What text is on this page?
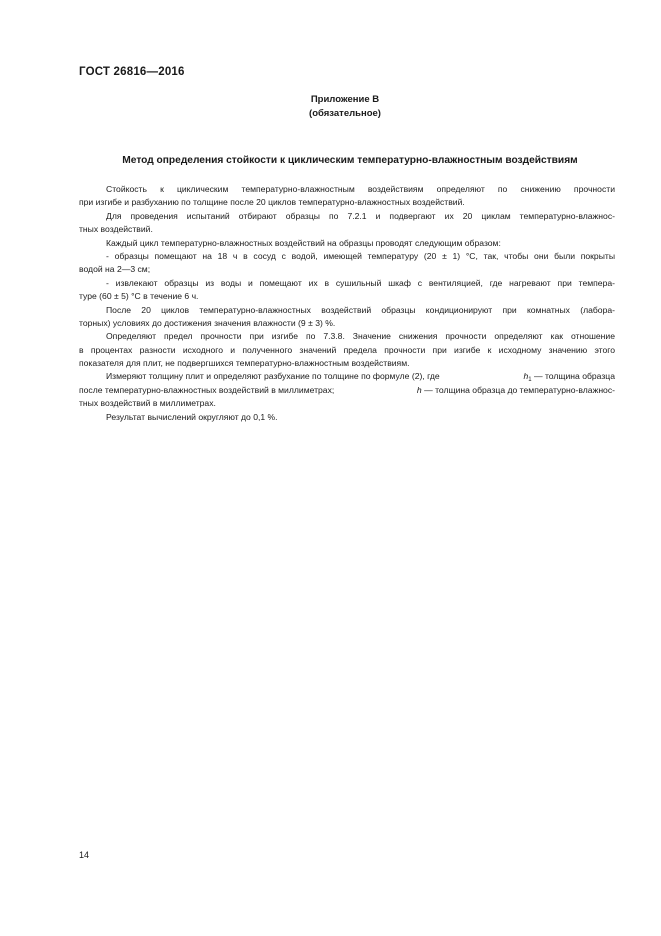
ГОСТ 26816—2016
Приложение В
(обязательное)
Метод определения стойкости к циклическим температурно-влажностным воздействиям
Стойкость к циклическим температурно-влажностным воздействиям определяют по снижению прочности
при изгибе и разбуханию по толщине после 20 циклов температурно-влажностных воздействий.
Для проведения испытаний отбирают образцы по 7.2.1 и подвергают их 20 циклам температурно-влажнос-
тных воздействий.
Каждый цикл температурно-влажностных воздействий на образцы проводят следующим образом:
- образцы помещают на 18 ч в сосуд с водой, имеющей температуру (20 ± 1) °С, так, чтобы они были покрыты
водой на 2—3 см;
- извлекают образцы из воды и помещают их в сушильный шкаф с вентиляцией, где нагревают при темпера-
туре (60 ± 5) °С в течение 6 ч.
После 20 циклов температурно-влажностных воздействий образцы кондиционируют при комнатных (лабора-
торных) условиях до достижения значения влажности (9 ± 3) %.
Определяют предел прочности при изгибе по 7.3.8. Значение снижения прочности определяют как отношение
в процентах разности исходного и полученного значений предела прочности при изгибе к исходному значению этого
показателя для плит, не подвергшихся температурно-влажностным воздействиям.
Измеряют толщину плит и определяют разбухание по толщине по формуле (2), где	$h_1$ — толщина образца
после температурно-влажностных воздействий в миллиметрах;	h — толщина образца до температурно-влажнос-
тных воздействий в миллиметрах.
Результат вычислений округляют до 0,1 %.
14
